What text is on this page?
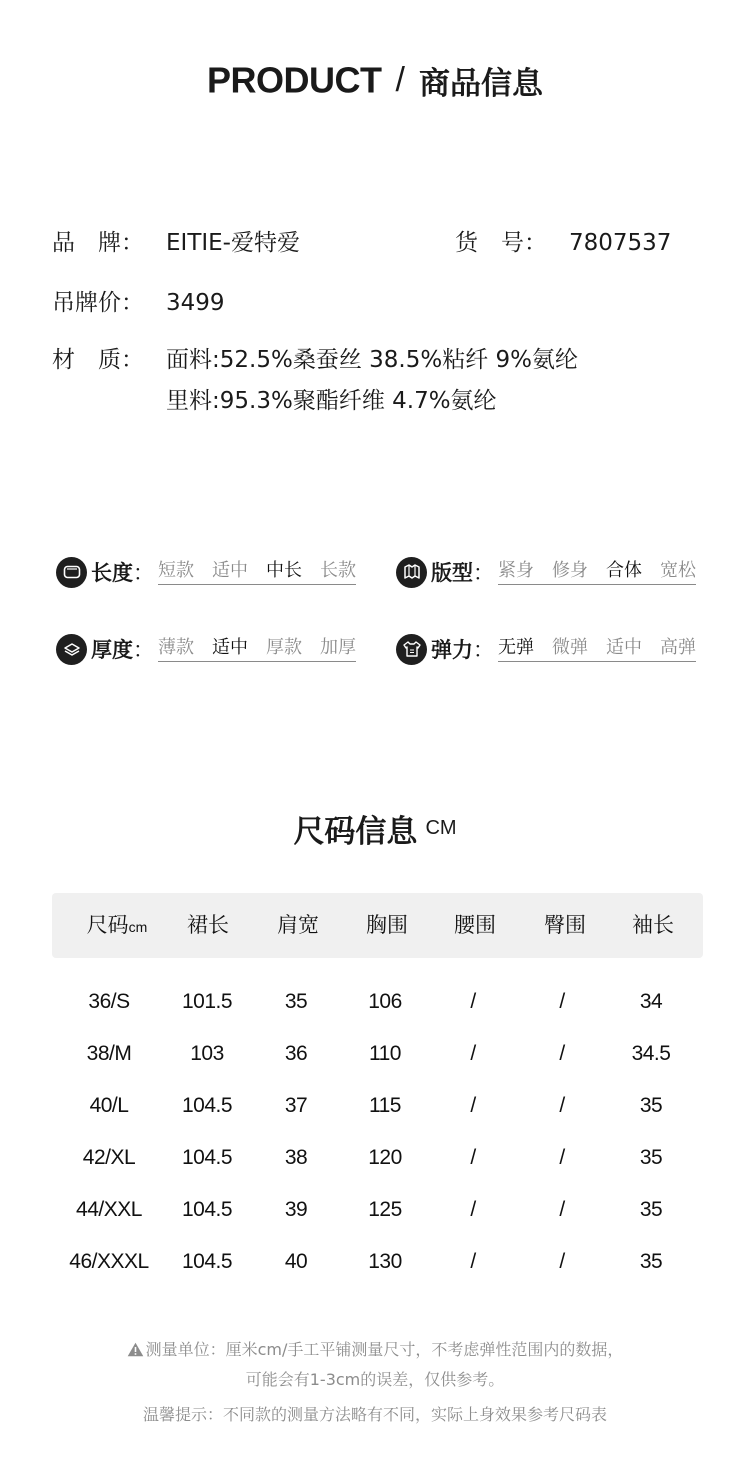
PRODUCT / 商品信息
品　牌： EITIE-爱特爱	货　号： 7807537
吊牌价： 3499
材　质： 面料:52.5%桑蚕丝 38.5%粘纤 9%氨纶
里料:95.3%聚酯纤维 4.7%氨纶
长度 ： 短款 适中 中长 长款	版型 ： 紧身 修身 合体 宽松
厚度 ： 薄款 适中 厚款 加厚	弹力 ： 无弹 微弹 适中 高弹
尺码信息 CM
尺码cm 裙长 肩宽 胸围 腰围 臀围 袖长
36/S 101.5	35	106	/	/	34
38/M	103	36	110	/	/	34.5
40/L	104.5	37	115	/	/	35
42/XL 104.5	38	120	/	/	35
44/XXL 104.5	39	125	/	/	35
46/XXXL 104.5	40	130	/	/	35
测量单位：厘米cm/手工平铺测量尺寸，不考虑弹性范围内的数据，
可能会有1-3cm的误差，仅供参考。
温馨提示：不同款的测量方法略有不同，实际上身效果参考尺码表
